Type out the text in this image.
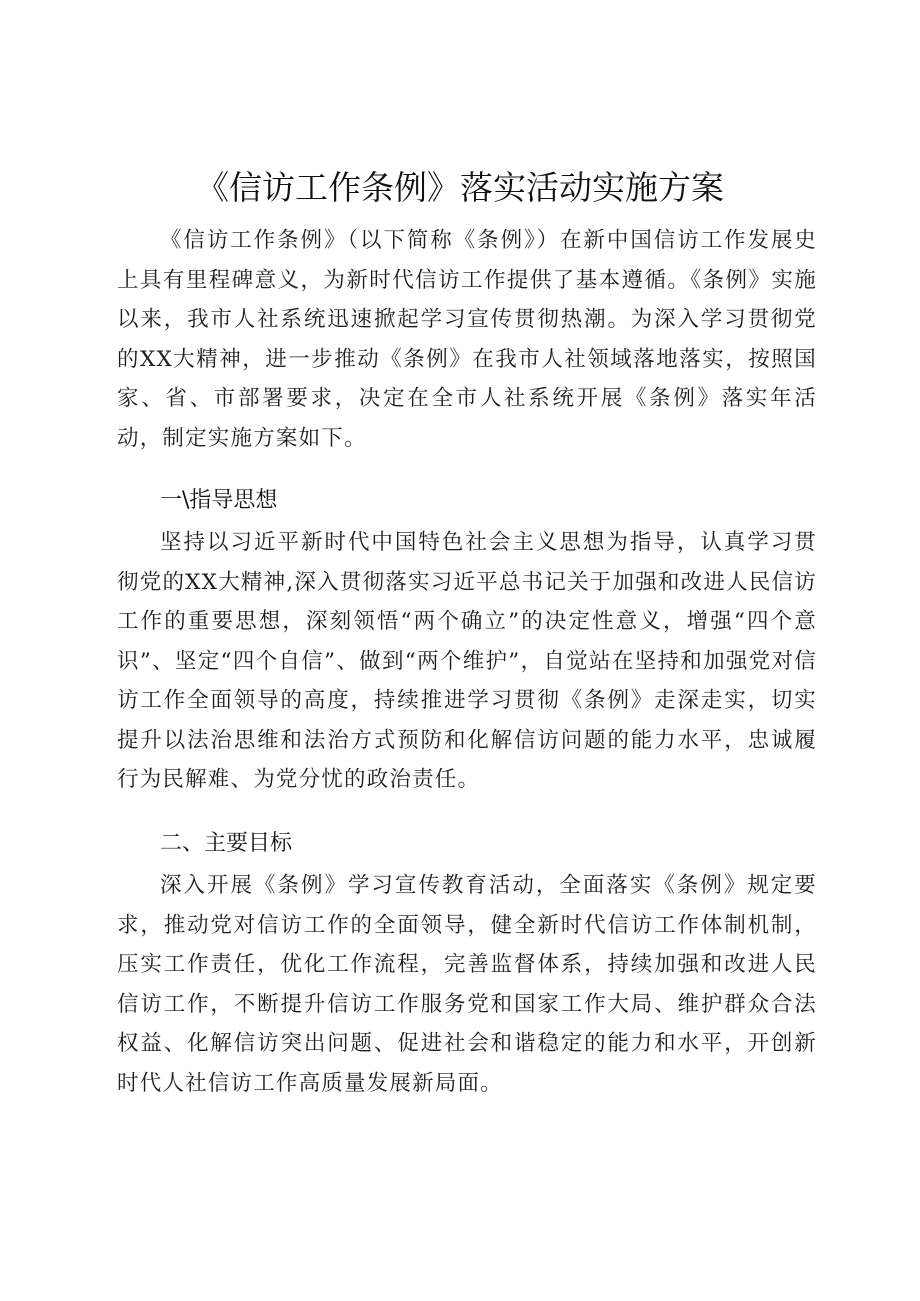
《信访工作条例》落实活动实施方案

《信访工作条例》（以下简称《条例》）在新中国信访工作发展史上具有里程碑意义，为新时代信访工作提供了基本遵循。《条例》实施以来，我市人社系统迅速掀起学习宣传贯彻热潮。为深入学习贯彻党的XX大精神，进一步推动《条例》在我市人社领域落地落实，按照国家、省、市部署要求，决定在全市人社系统开展《条例》落实年活动，制定实施方案如下。

一\指导思想

坚持以习近平新时代中国特色社会主义思想为指导，认真学习贯彻党的XX大精神,深入贯彻落实习近平总书记关于加强和改进人民信访工作的重要思想，深刻领悟“两个确立”的决定性意义，增强“四个意识”、坚定“四个自信”、做到“两个维护”，自觉站在坚持和加强党对信访工作全面领导的高度，持续推进学习贯彻《条例》走深走实，切实提升以法治思维和法治方式预防和化解信访问题的能力水平，忠诚履行为民解难、为党分忧的政治责任。

二、主要目标

深入开展《条例》学习宣传教育活动，全面落实《条例》规定要求，推动党对信访工作的全面领导，健全新时代信访工作体制机制，压实工作责任，优化工作流程，完善监督体系，持续加强和改进人民信访工作，不断提升信访工作服务党和国家工作大局、维护群众合法权益、化解信访突出问题、促进社会和谐稳定的能力和水平，开创新时代人社信访工作高质量发展新局面。
